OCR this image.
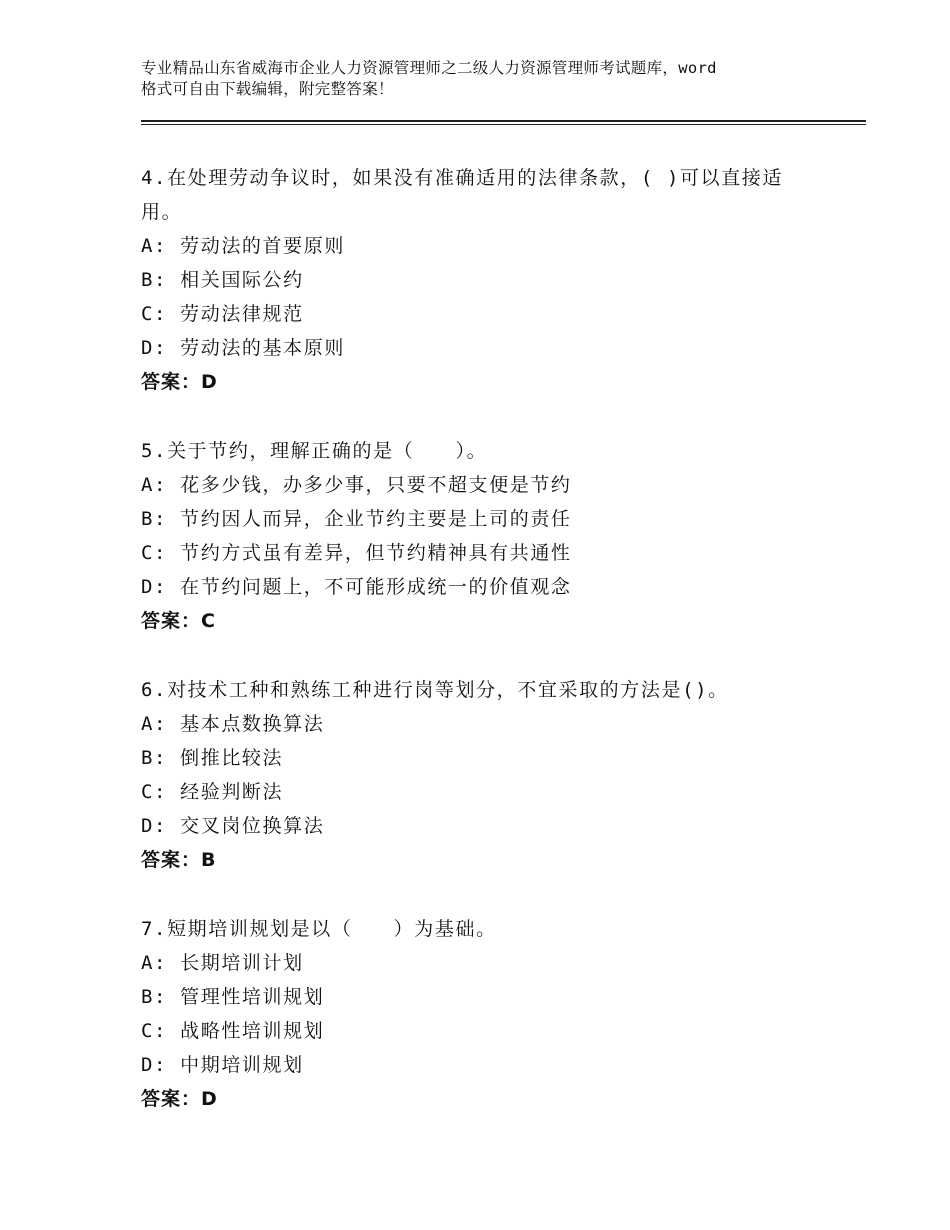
专业精品山东省威海市企业人力资源管理师之二级人力资源管理师考试题库，word
格式可自由下载编辑，附完整答案！

4.在处理劳动争议时，如果没有准确适用的法律条款，( )可以直接适用。

A: 劳动法的首要原则

B: 相关国际公约

C: 劳动法律规范

D: 劳动法的基本原则

答案：D

5.关于节约，理解正确的是（　　）。

A: 花多少钱，办多少事，只要不超支便是节约

B: 节约因人而异，企业节约主要是上司的责任

C: 节约方式虽有差异，但节约精神具有共通性

D: 在节约问题上，不可能形成统一的价值观念

答案：C

6.对技术工种和熟练工种进行岗等划分，不宜采取的方法是()。

A: 基本点数换算法

B: 倒推比较法

C: 经验判断法

D: 交叉岗位换算法

答案：B

7.短期培训规划是以（　　）为基础。

A: 长期培训计划

B: 管理性培训规划

C: 战略性培训规划

D: 中期培训规划

答案：D
